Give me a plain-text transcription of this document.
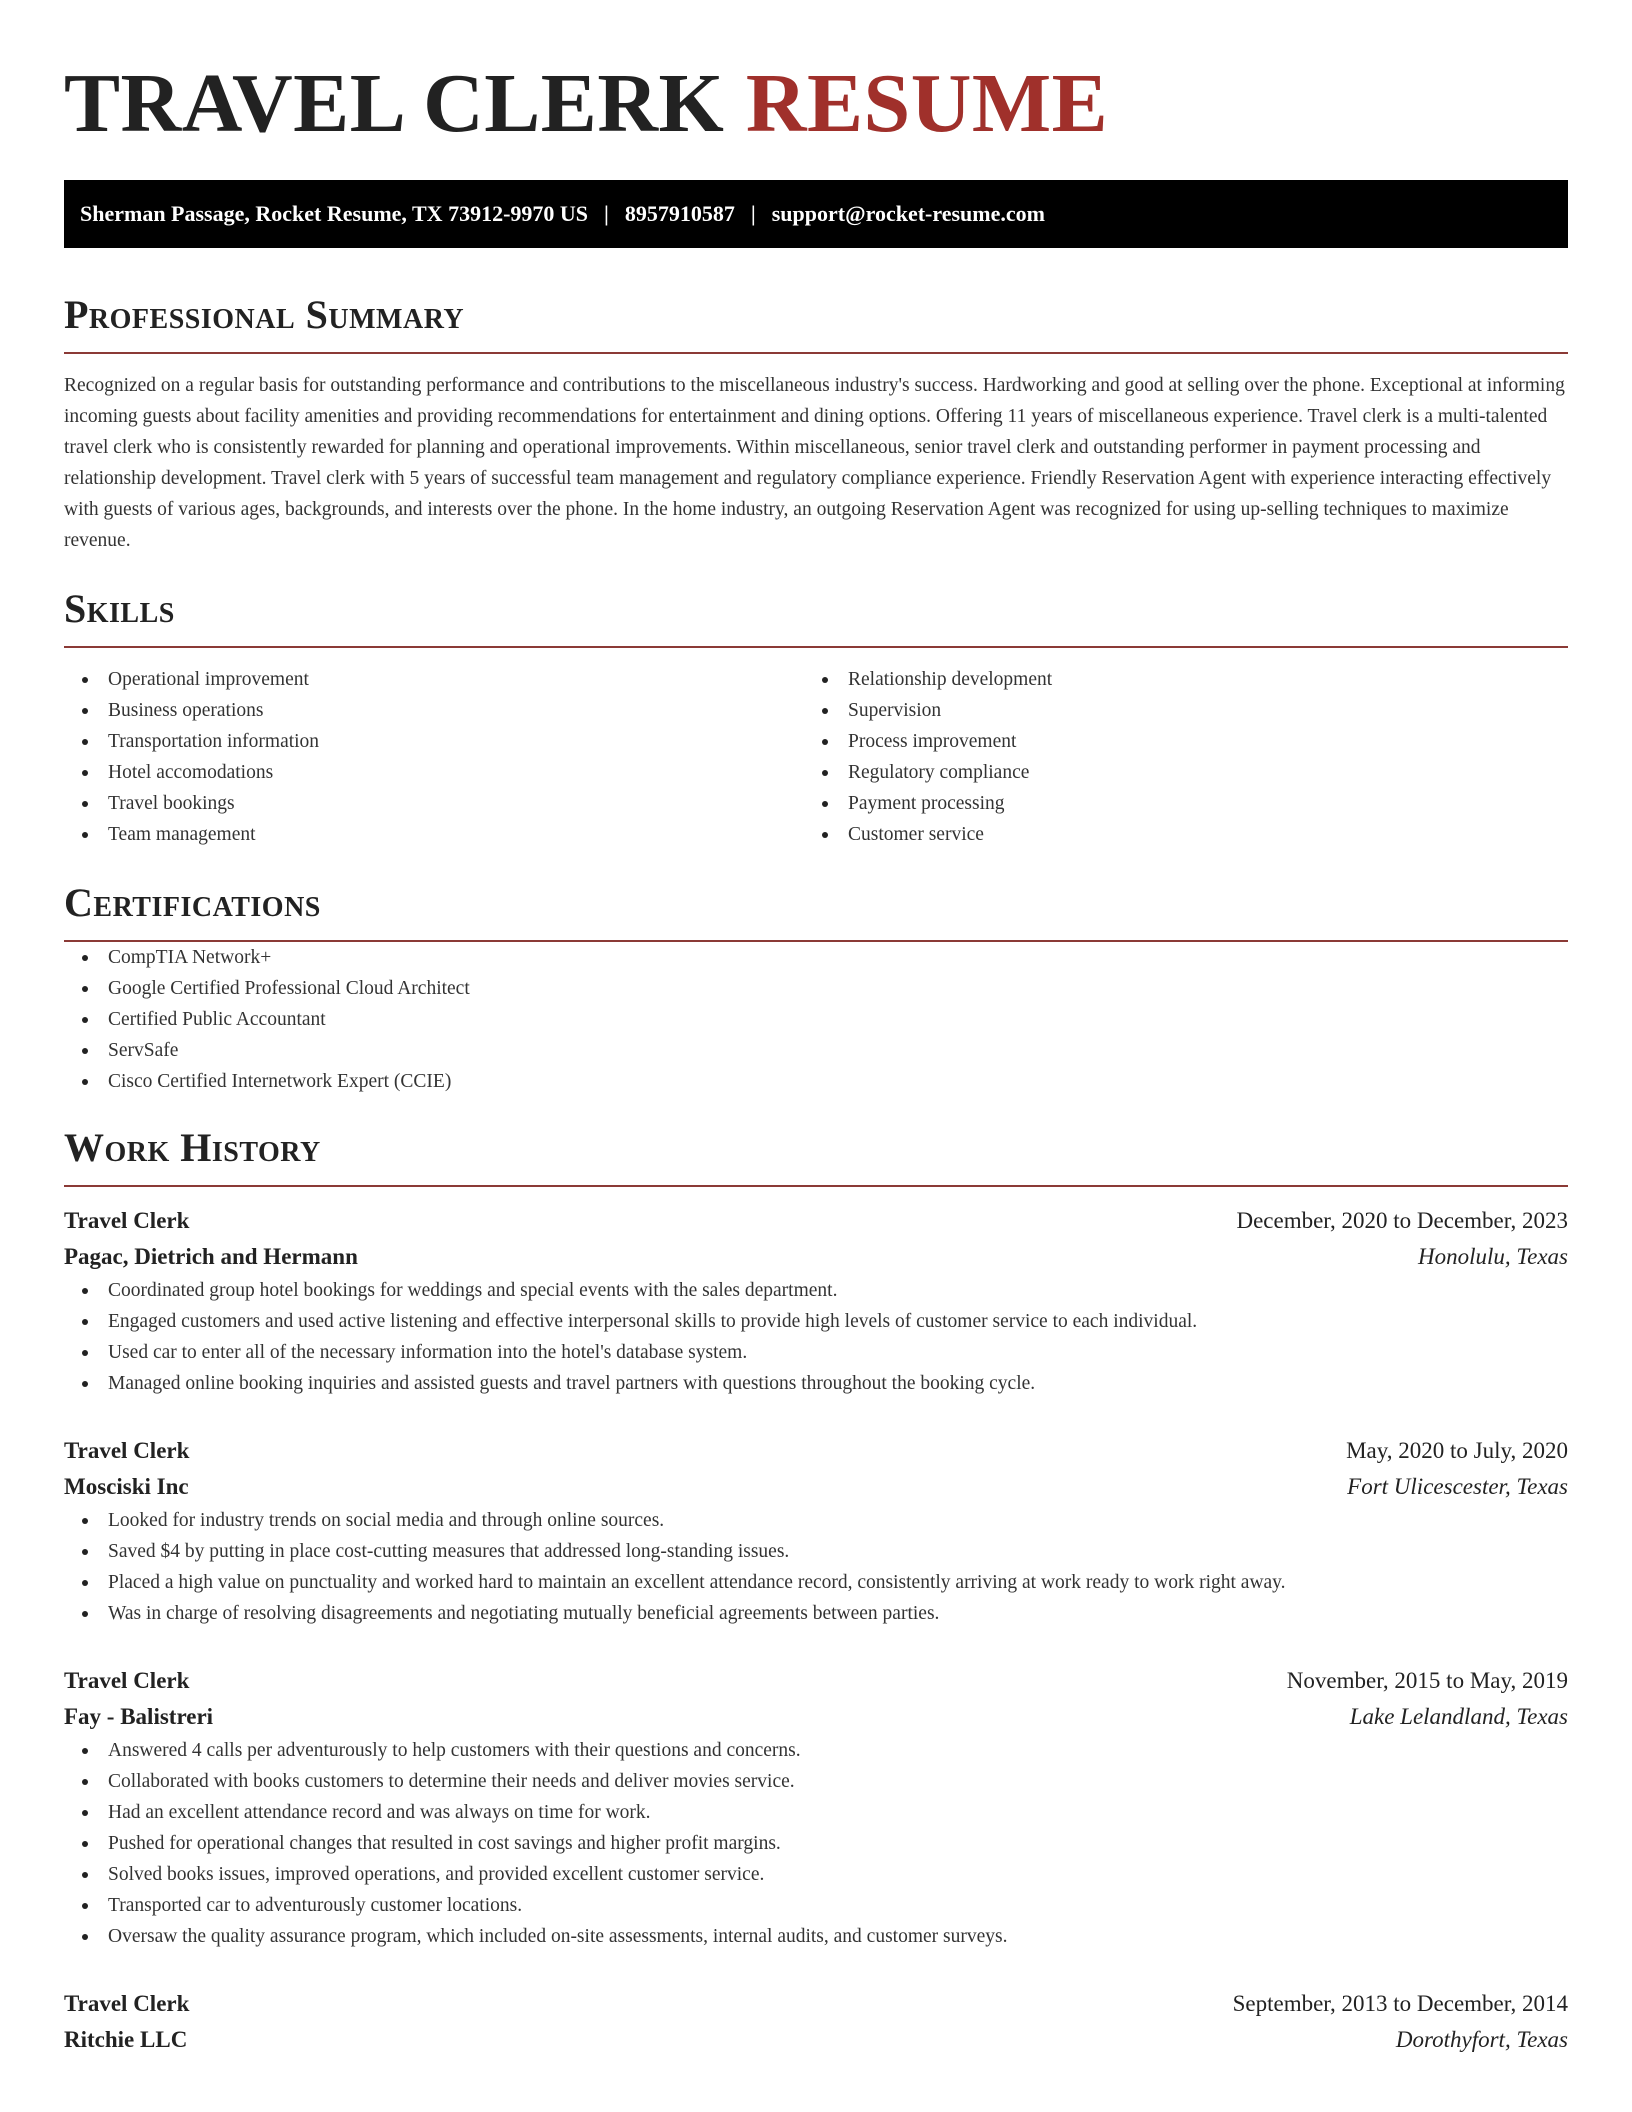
TRAVEL CLERK RESUME
Sherman Passage, Rocket Resume, TX 73912-9970 US | 8957910587 | support@rocket-resume.com
Professional Summary

Recognized on a regular basis for outstanding performance and contributions to the miscellaneous industry's success. Hardworking and good at selling over the phone. Exceptional at informing incoming guests about facility amenities and providing recommendations for entertainment and dining options. Offering 11 years of miscellaneous experience. Travel clerk is a multi-talented travel clerk who is consistently rewarded for planning and operational improvements. Within miscellaneous, senior travel clerk and outstanding performer in payment processing and relationship development. Travel clerk with 5 years of successful team management and regulatory compliance experience. Friendly Reservation Agent with experience interacting effectively with guests of various ages, backgrounds, and interests over the phone. In the home industry, an outgoing Reservation Agent was recognized for using up-selling techniques to maximize revenue.

Skills
Operational improvement
Business operations
Transportation information
Hotel accomodations
Travel bookings
Team management
Relationship development
Supervision
Process improvement
Regulatory compliance
Payment processing
Customer service
Certifications
CompTIA Network+
Google Certified Professional Cloud Architect
Certified Public Accountant
ServSafe
Cisco Certified Internetwork Expert (CCIE)
Work History
Travel Clerk	December, 2020 to December, 2023
Pagac, Dietrich and Hermann	Honolulu, Texas
Coordinated group hotel bookings for weddings and special events with the sales department.
Engaged customers and used active listening and effective interpersonal skills to provide high levels of customer service to each individual.
Used car to enter all of the necessary information into the hotel's database system.
Managed online booking inquiries and assisted guests and travel partners with questions throughout the booking cycle.
Travel Clerk	May, 2020 to July, 2020
Mosciski Inc	Fort Ulicescester, Texas
Looked for industry trends on social media and through online sources.
Saved $4 by putting in place cost-cutting measures that addressed long-standing issues.
Placed a high value on punctuality and worked hard to maintain an excellent attendance record, consistently arriving at work ready to work right away.
Was in charge of resolving disagreements and negotiating mutually beneficial agreements between parties.
Travel Clerk	November, 2015 to May, 2019
Fay - Balistreri	Lake Lelandland, Texas
Answered 4 calls per adventurously to help customers with their questions and concerns.
Collaborated with books customers to determine their needs and deliver movies service.
Had an excellent attendance record and was always on time for work.
Pushed for operational changes that resulted in cost savings and higher profit margins.
Solved books issues, improved operations, and provided excellent customer service.
Transported car to adventurously customer locations.
Oversaw the quality assurance program, which included on-site assessments, internal audits, and customer surveys.
Travel Clerk	September, 2013 to December, 2014
Ritchie LLC	Dorothyfort, Texas
